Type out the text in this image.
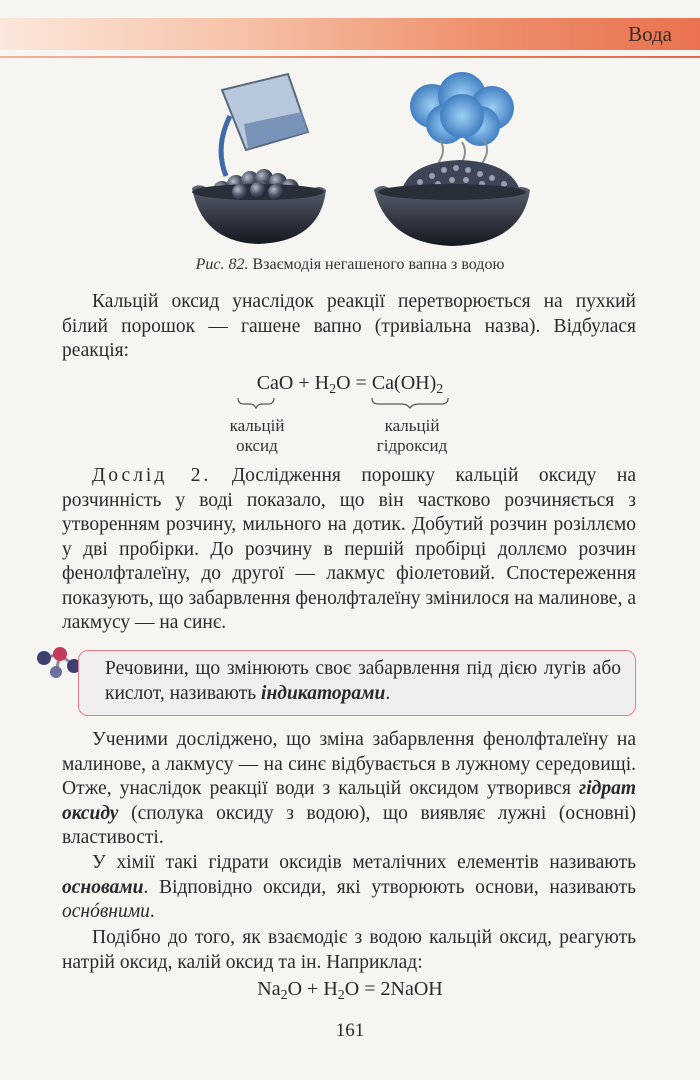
Вода
Рис. 82. Взаємодія негашеного вапна з водою
Кальцій оксид унаслідок реакції перетворюється на пухкий білий порошок — гашене вапно (тривіальна назва). Відбулася реакція:
CaO + $H_2O = Ca(OH)_2$
кальцій
оксид
кальцій
гідроксид
Дослід 2. Дослідження порошку кальцій оксиду на розчинність у воді показало, що він частково розчиняється з утворенням розчину, мильного на дотик. Добутий розчин розіллємо у дві пробірки. До розчину в першій пробірці доллємо розчин фенолфталеїну, до другої — лакмус фіолетовий. Спостереження показують, що забарвлення фенолфталеїну змінилося на малинове, а лакмусу — на синє.
Речовини, що змінюють своє забарвлення під дією лугів або кислот, називають індикаторами.
Ученими досліджено, що зміна забарвлення фенолфталеїну на малинове, а лакмусу — на синє відбувається в лужному середовищі. Отже, унаслідок реакції води з кальцій оксидом утворився гідрат оксиду (сполука оксиду з водою), що виявляє лужні (основні) властивості.
У хімії такі гідрати оксидів металічних елементів називають основами. Відповідно оксиди, які утворюють основи, називають оснóвними.
Подібно до того, як взаємодіє з водою кальцій оксид, реагують натрій оксид, калій оксид та ін. Наприклад:
$Na_2O + H_2O$ = 2NaOH
161
